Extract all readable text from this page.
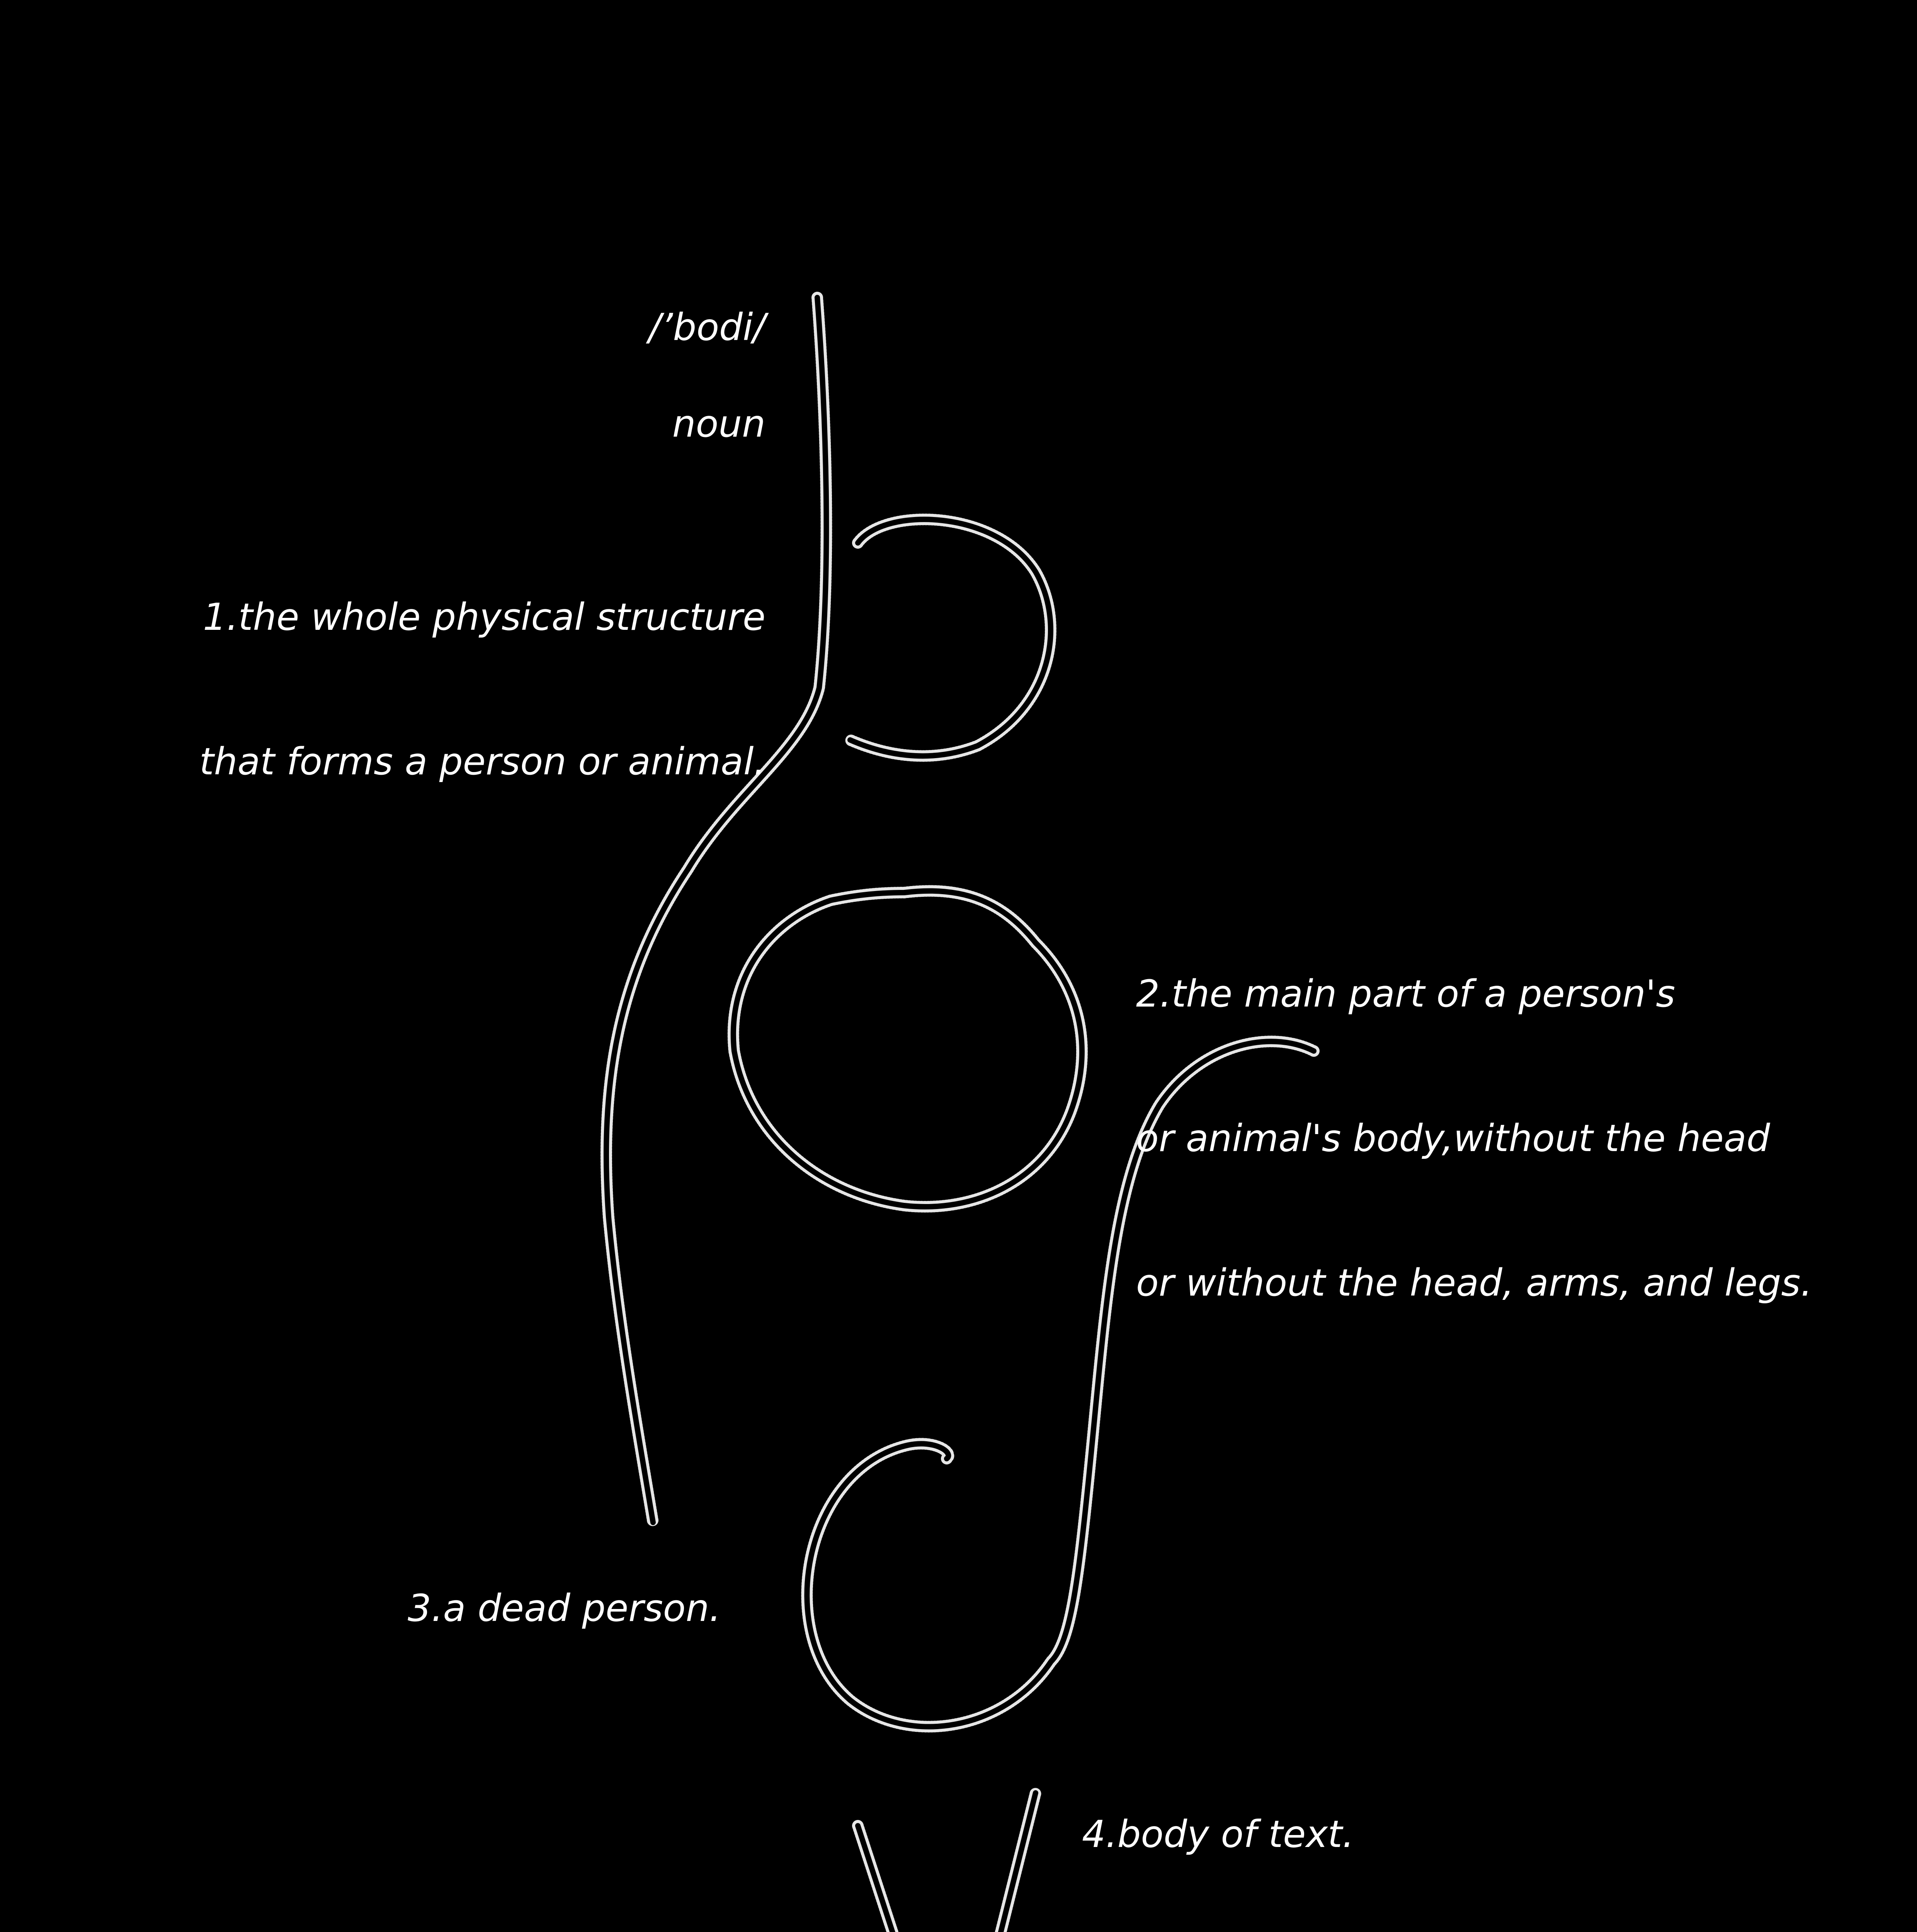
/’bodi/
noun

1.the whole physical structure

that forms a person or animal.

2.the main part of a person's

or animal's body,without the head

or without the head, arms, and legs.

3.a dead person.
4.body of text.
